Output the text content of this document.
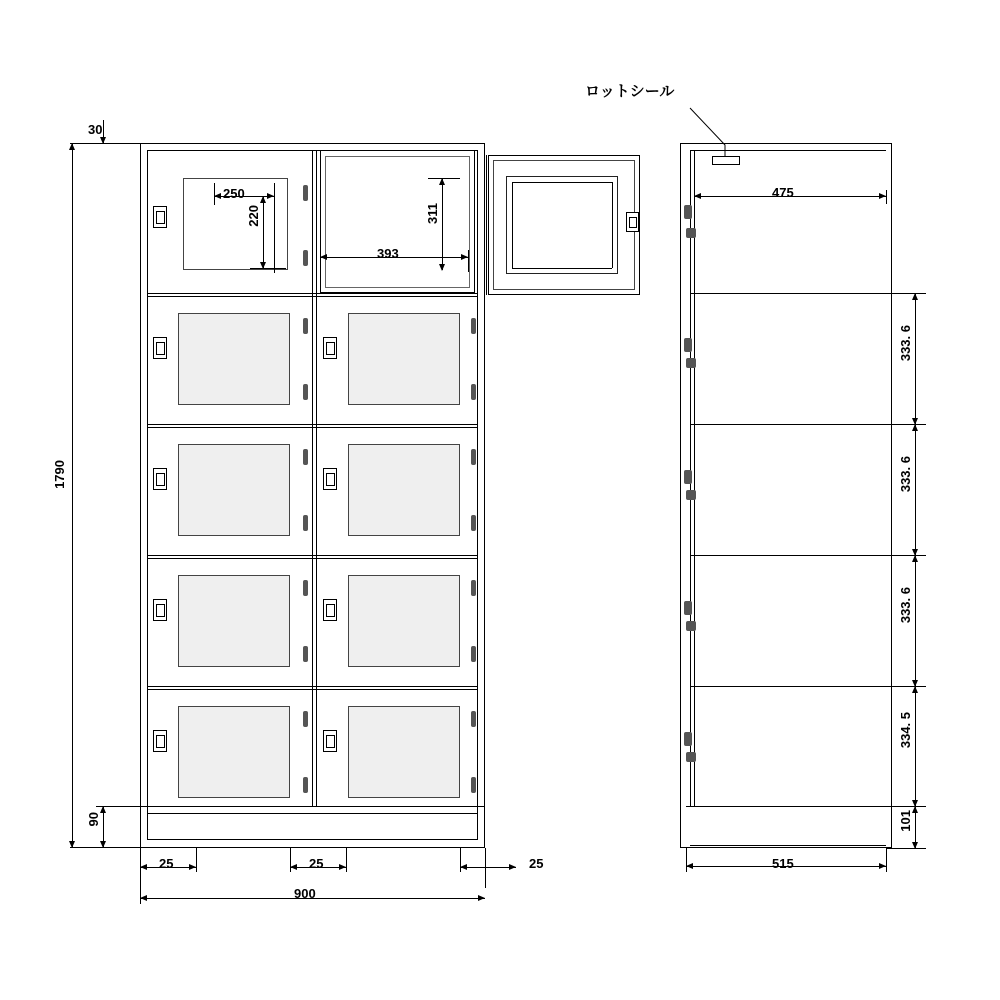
ロットシール
30
1790
90
250
220
393
311
25	25	25
900
475
515
333. 6
333. 6
333. 6
334. 5
101
